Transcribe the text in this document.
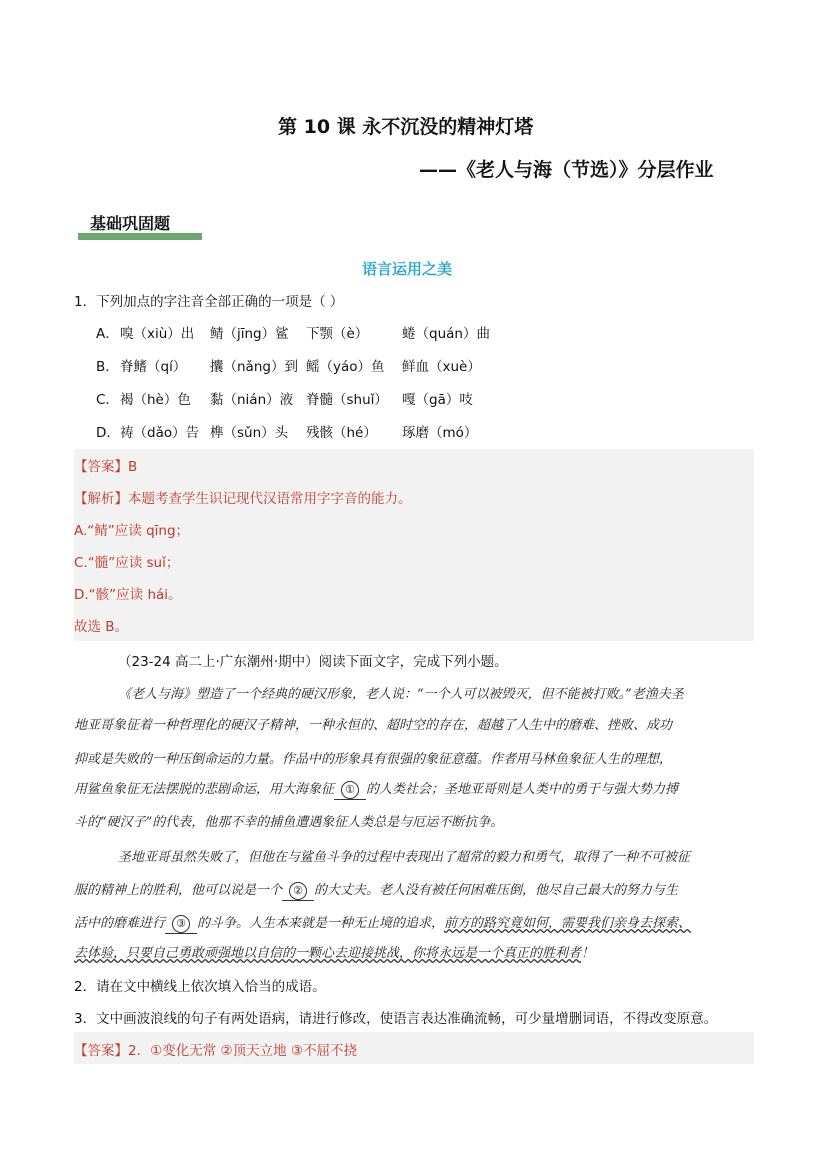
第 10 课 永不沉没的精神灯塔
——《老人与海（节选）》分层作业
基础巩固题
语言运用之美
1．下列加点的字注音全部正确的一项是（ ）
A．嗅（xiù）出 鲭（jīng）鲨 下颚（è） 蜷（quán）曲
B．脊鳍（qí） 攮（nǎng）到 鳐（yáo）鱼 鲜血（xuè）
C．褐（hè）色 黏（nián）液 脊髓（shuǐ） 嘎（gā）吱
D．祷（dǎo）告 榫（sǔn）头 残骸（hé） 琢磨（mó）
【答案】B
【解析】本题考查学生识记现代汉语常用字字音的能力。
A.“鲭”应读 qīng；
C.“髓”应读 suǐ；
D.“骸”应读 hái。
故选 B。
（23-24 高二上·广东潮州·期中）阅读下面文字，完成下列小题。
《老人与海》塑造了一个经典的硬汉形象，老人说：“一个人可以被毁灭，但不能被打败。”老渔夫圣
地亚哥象征着一种哲理化的硬汉子精神，一种永恒的、超时空的存在，超越了人生中的磨难、挫败、成功
抑或是失败的一种压倒命运的力量。作品中的形象具有很强的象征意蕴。作者用马林鱼象征人生的理想，
用鲨鱼象征无法摆脱的悲剧命运，用大海象征 ① 的人类社会；圣地亚哥则是人类中的勇于与强大势力搏
斗的“硬汉子”的代表，他那不幸的捕鱼遭遇象征人类总是与厄运不断抗争。
圣地亚哥虽然失败了，但他在与鲨鱼斗争的过程中表现出了超常的毅力和勇气，取得了一种不可被征
服的精神上的胜利，他可以说是一个 ② 的大丈夫。老人没有被任何困难压倒，他尽自己最大的努力与生
活中的磨难进行 ③ 的斗争。人生本来就是一种无止境的追求，前方的路究竟如何，需要我们亲身去探索、
去体验，只要自己勇敢顽强地以自信的一颗心去迎接挑战，你将永远是一个真正的胜利者！
2．请在文中横线上依次填入恰当的成语。
3．文中画波浪线的句子有两处语病，请进行修改，使语言表达准确流畅，可少量增删词语，不得改变原意。
【答案】2．①变化无常 ②顶天立地 ③不屈不挠
